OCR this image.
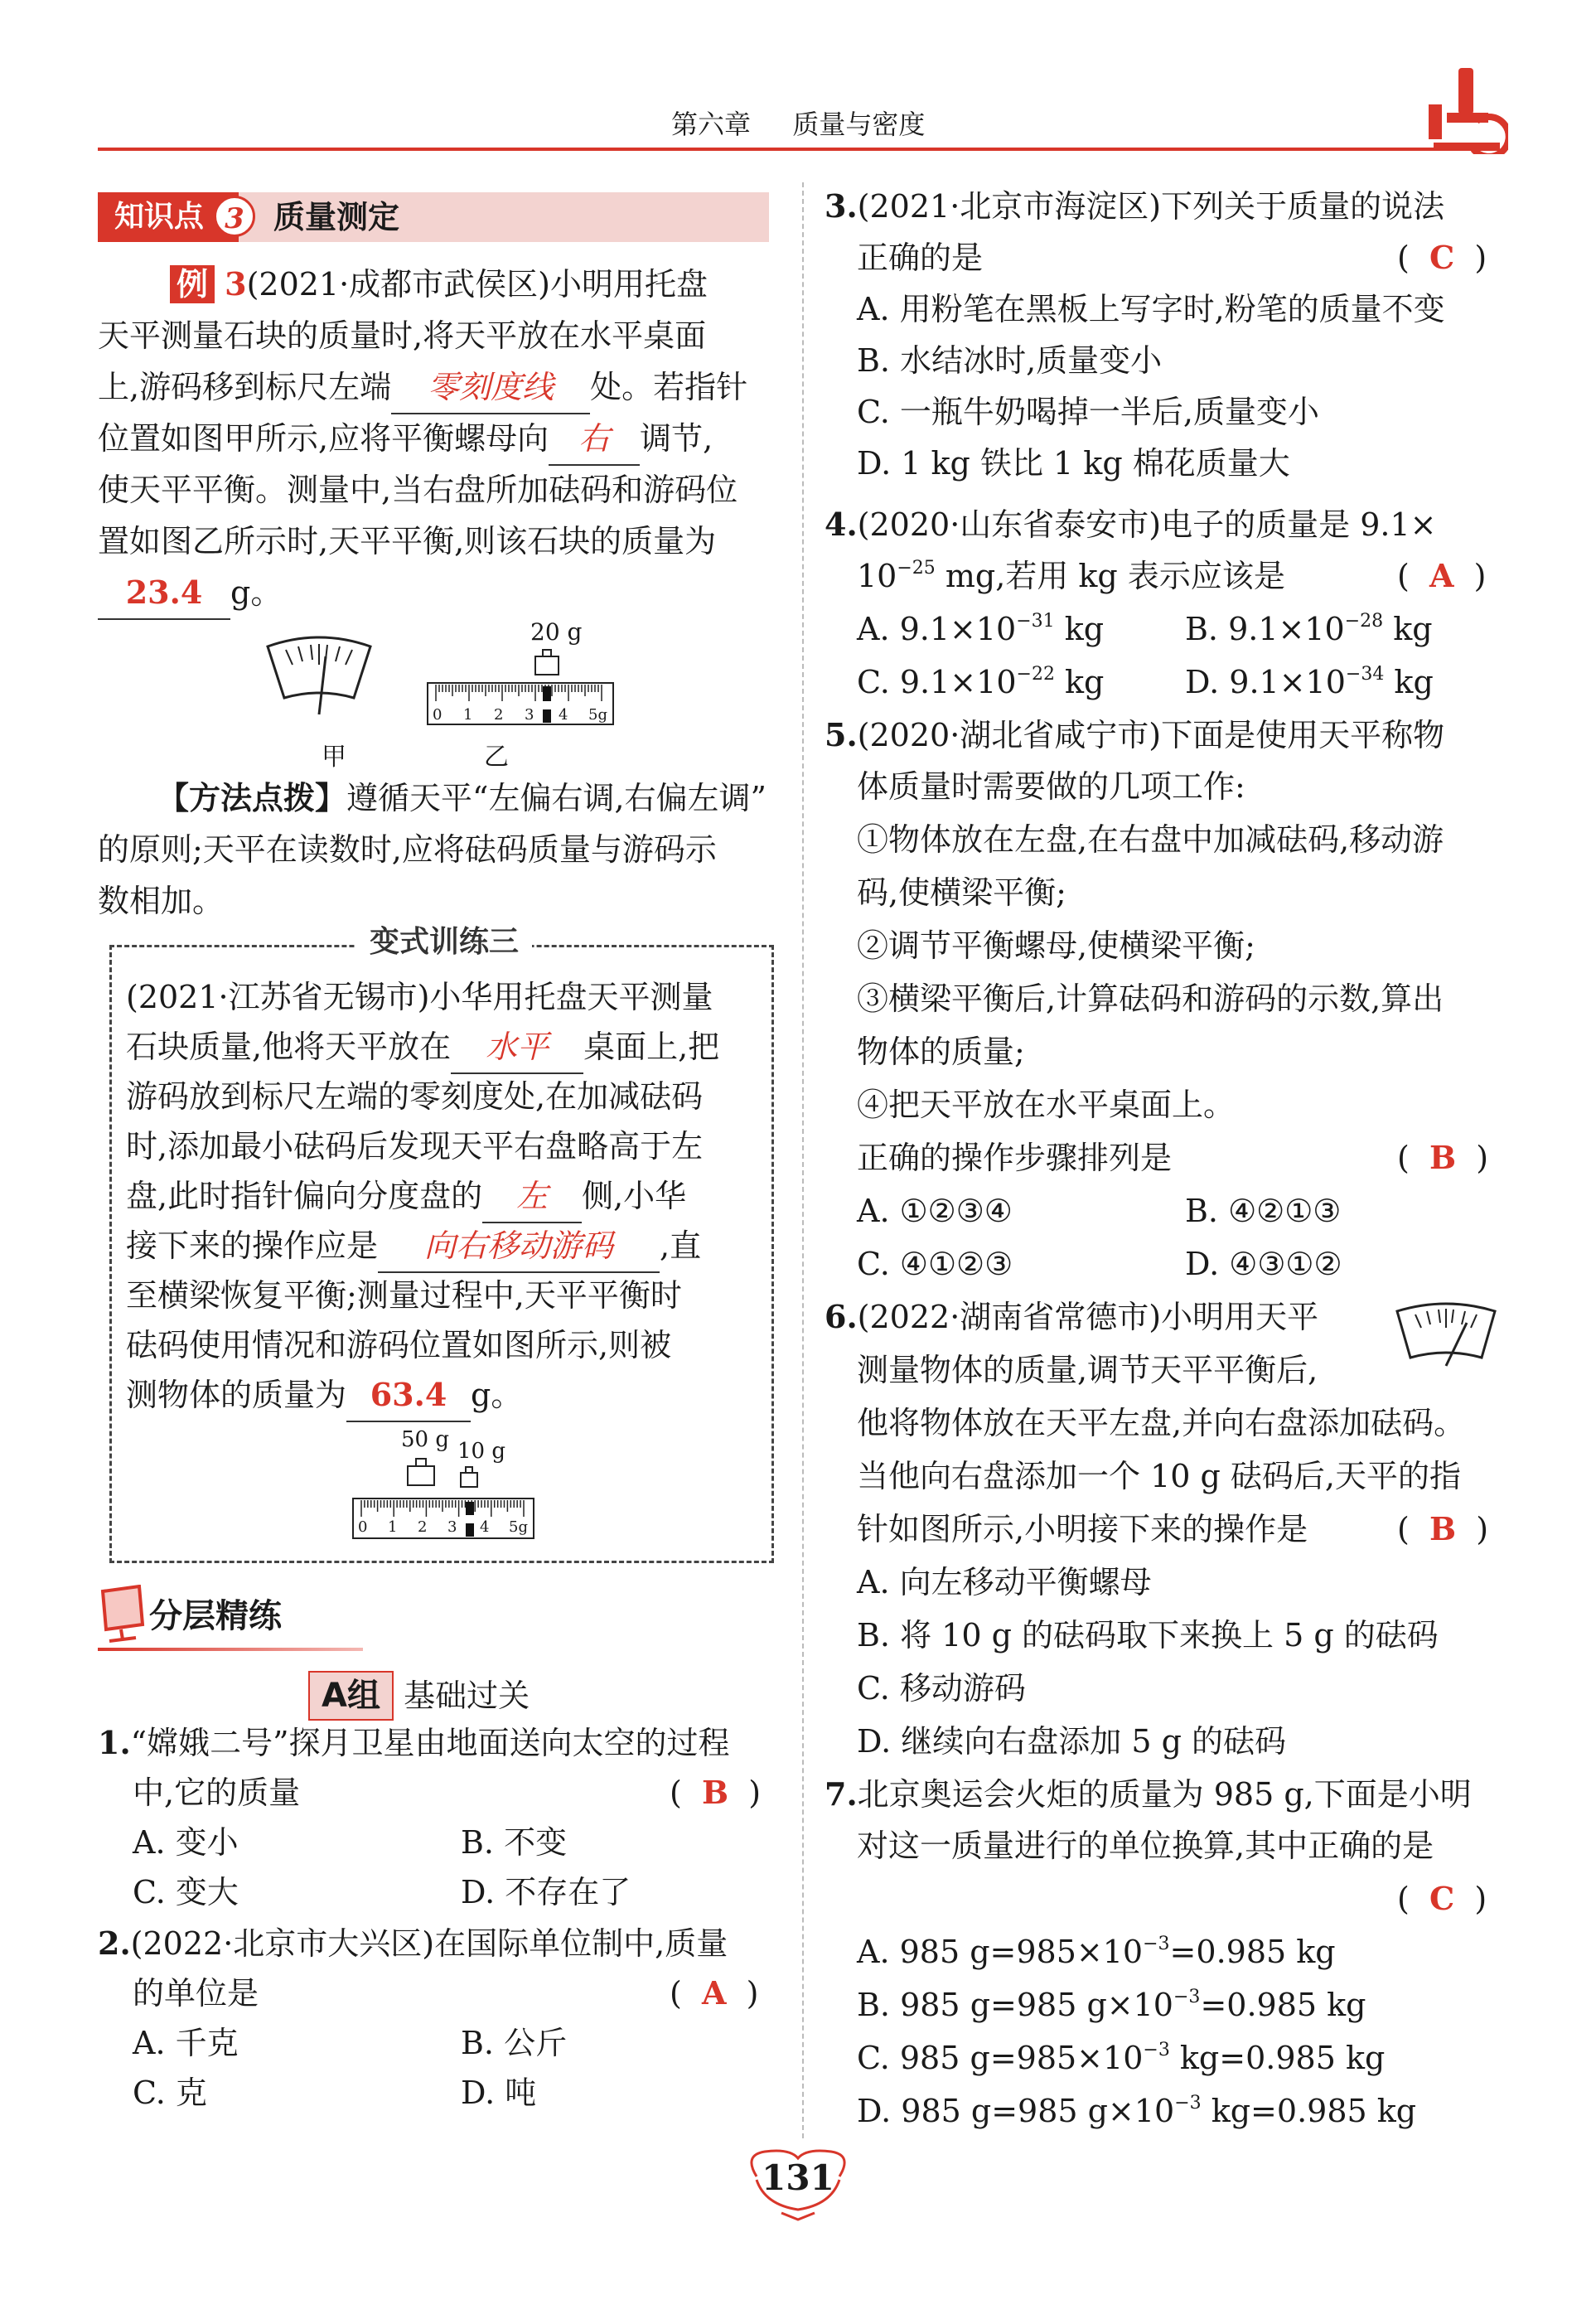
第六章 质量与密度
知识点 3 质量测定
例 3(2021·成都市武侯区)小明用托盘
天平测量石块的质量时,将天平放在水平桌面
上,游码移到标尺左端 零刻度线 处。若指针
位置如图甲所示,应将平衡螺母向 右 调节,
使天平平衡。测量中,当右盘所加砝码和游码位
置如图乙所示时,天平平衡,则该石块的质量为
23.4 g。
甲
20 g
0 1 2 3 4 5g
乙
【方法点拨】遵循天平“左偏右调,右偏左调”
的原则;天平在读数时,应将砝码质量与游码示
数相加。
变式训练三
(2021·江苏省无锡市)小华用托盘天平测量
石块质量,他将天平放在 水平 桌面上,把
游码放到标尺左端的零刻度处,在加减砝码
时,添加最小砝码后发现天平右盘略高于左
盘,此时指针偏向分度盘的 左 侧,小华
接下来的操作应是 向右移动游码 ,直
至横梁恢复平衡;测量过程中,天平平衡时
砝码使用情况和游码位置如图所示,则被
测物体的质量为 63.4 g。
50 g 10 g
0 1 2 3 4 5g
分层精练
A组 基础过关
1.“嫦娥二号”探月卫星由地面送向太空的过程
中,它的质量	(  B  )
A. 变小	B. 不变
C. 变大	D. 不存在了
2.(2022·北京市大兴区)在国际单位制中,质量
的单位是	(  A  )
A. 千克	B. 公斤
C. 克	D. 吨
3.(2021·北京市海淀区)下列关于质量的说法
正确的是	(  C  )
A. 用粉笔在黑板上写字时,粉笔的质量不变
B. 水结冰时,质量变小
C. 一瓶牛奶喝掉一半后,质量变小
D. 1 kg 铁比 1 kg 棉花质量大
4.(2020·山东省泰安市)电子的质量是 9.1×
$10^{-25}$ mg,若用 kg 表示应该是	(  A  )
A. $9.1\times 10^{-31}$ kg	B. $9.1\times 10^{-28}$ kg
C. $9.1\times 10^{-22}$ kg	D. $9.1\times 10^{-34}$ kg
5.(2020·湖北省咸宁市)下面是使用天平称物
体质量时需要做的几项工作:
①物体放在左盘,在右盘中加减砝码,移动游
码,使横梁平衡;
②调节平衡螺母,使横梁平衡;
③横梁平衡后,计算砝码和游码的示数,算出
物体的质量;
④把天平放在水平桌面上。
正确的操作步骤排列是	(  B  )
A. ①②③④	B. ④②①③
C. ④①②③	D. ④③①②
6.(2022·湖南省常德市)小明用天平
测量物体的质量,调节天平平衡后,
他将物体放在天平左盘,并向右盘添加砝码。
当他向右盘添加一个 10 g 砝码后,天平的指
针如图所示,小明接下来的操作是	(  B  )
A. 向左移动平衡螺母
B. 将 10 g 的砝码取下来换上 5 g 的砝码
C. 移动游码
D. 继续向右盘添加 5 g 的砝码
7.北京奥运会火炬的质量为 985 g,下面是小明
对这一质量进行的单位换算,其中正确的是
(  C  )
A. 985 $g=985\times 10^{-3}=0.985$ kg
B. 985 g=985 $g\times 10^{-3}=0.985$ kg
C. 985 $g=985\times 10^{-3}$ kg=0.985 kg
D. 985 g=985 $g\times 10^{-3}$ kg=0.985 kg
131
